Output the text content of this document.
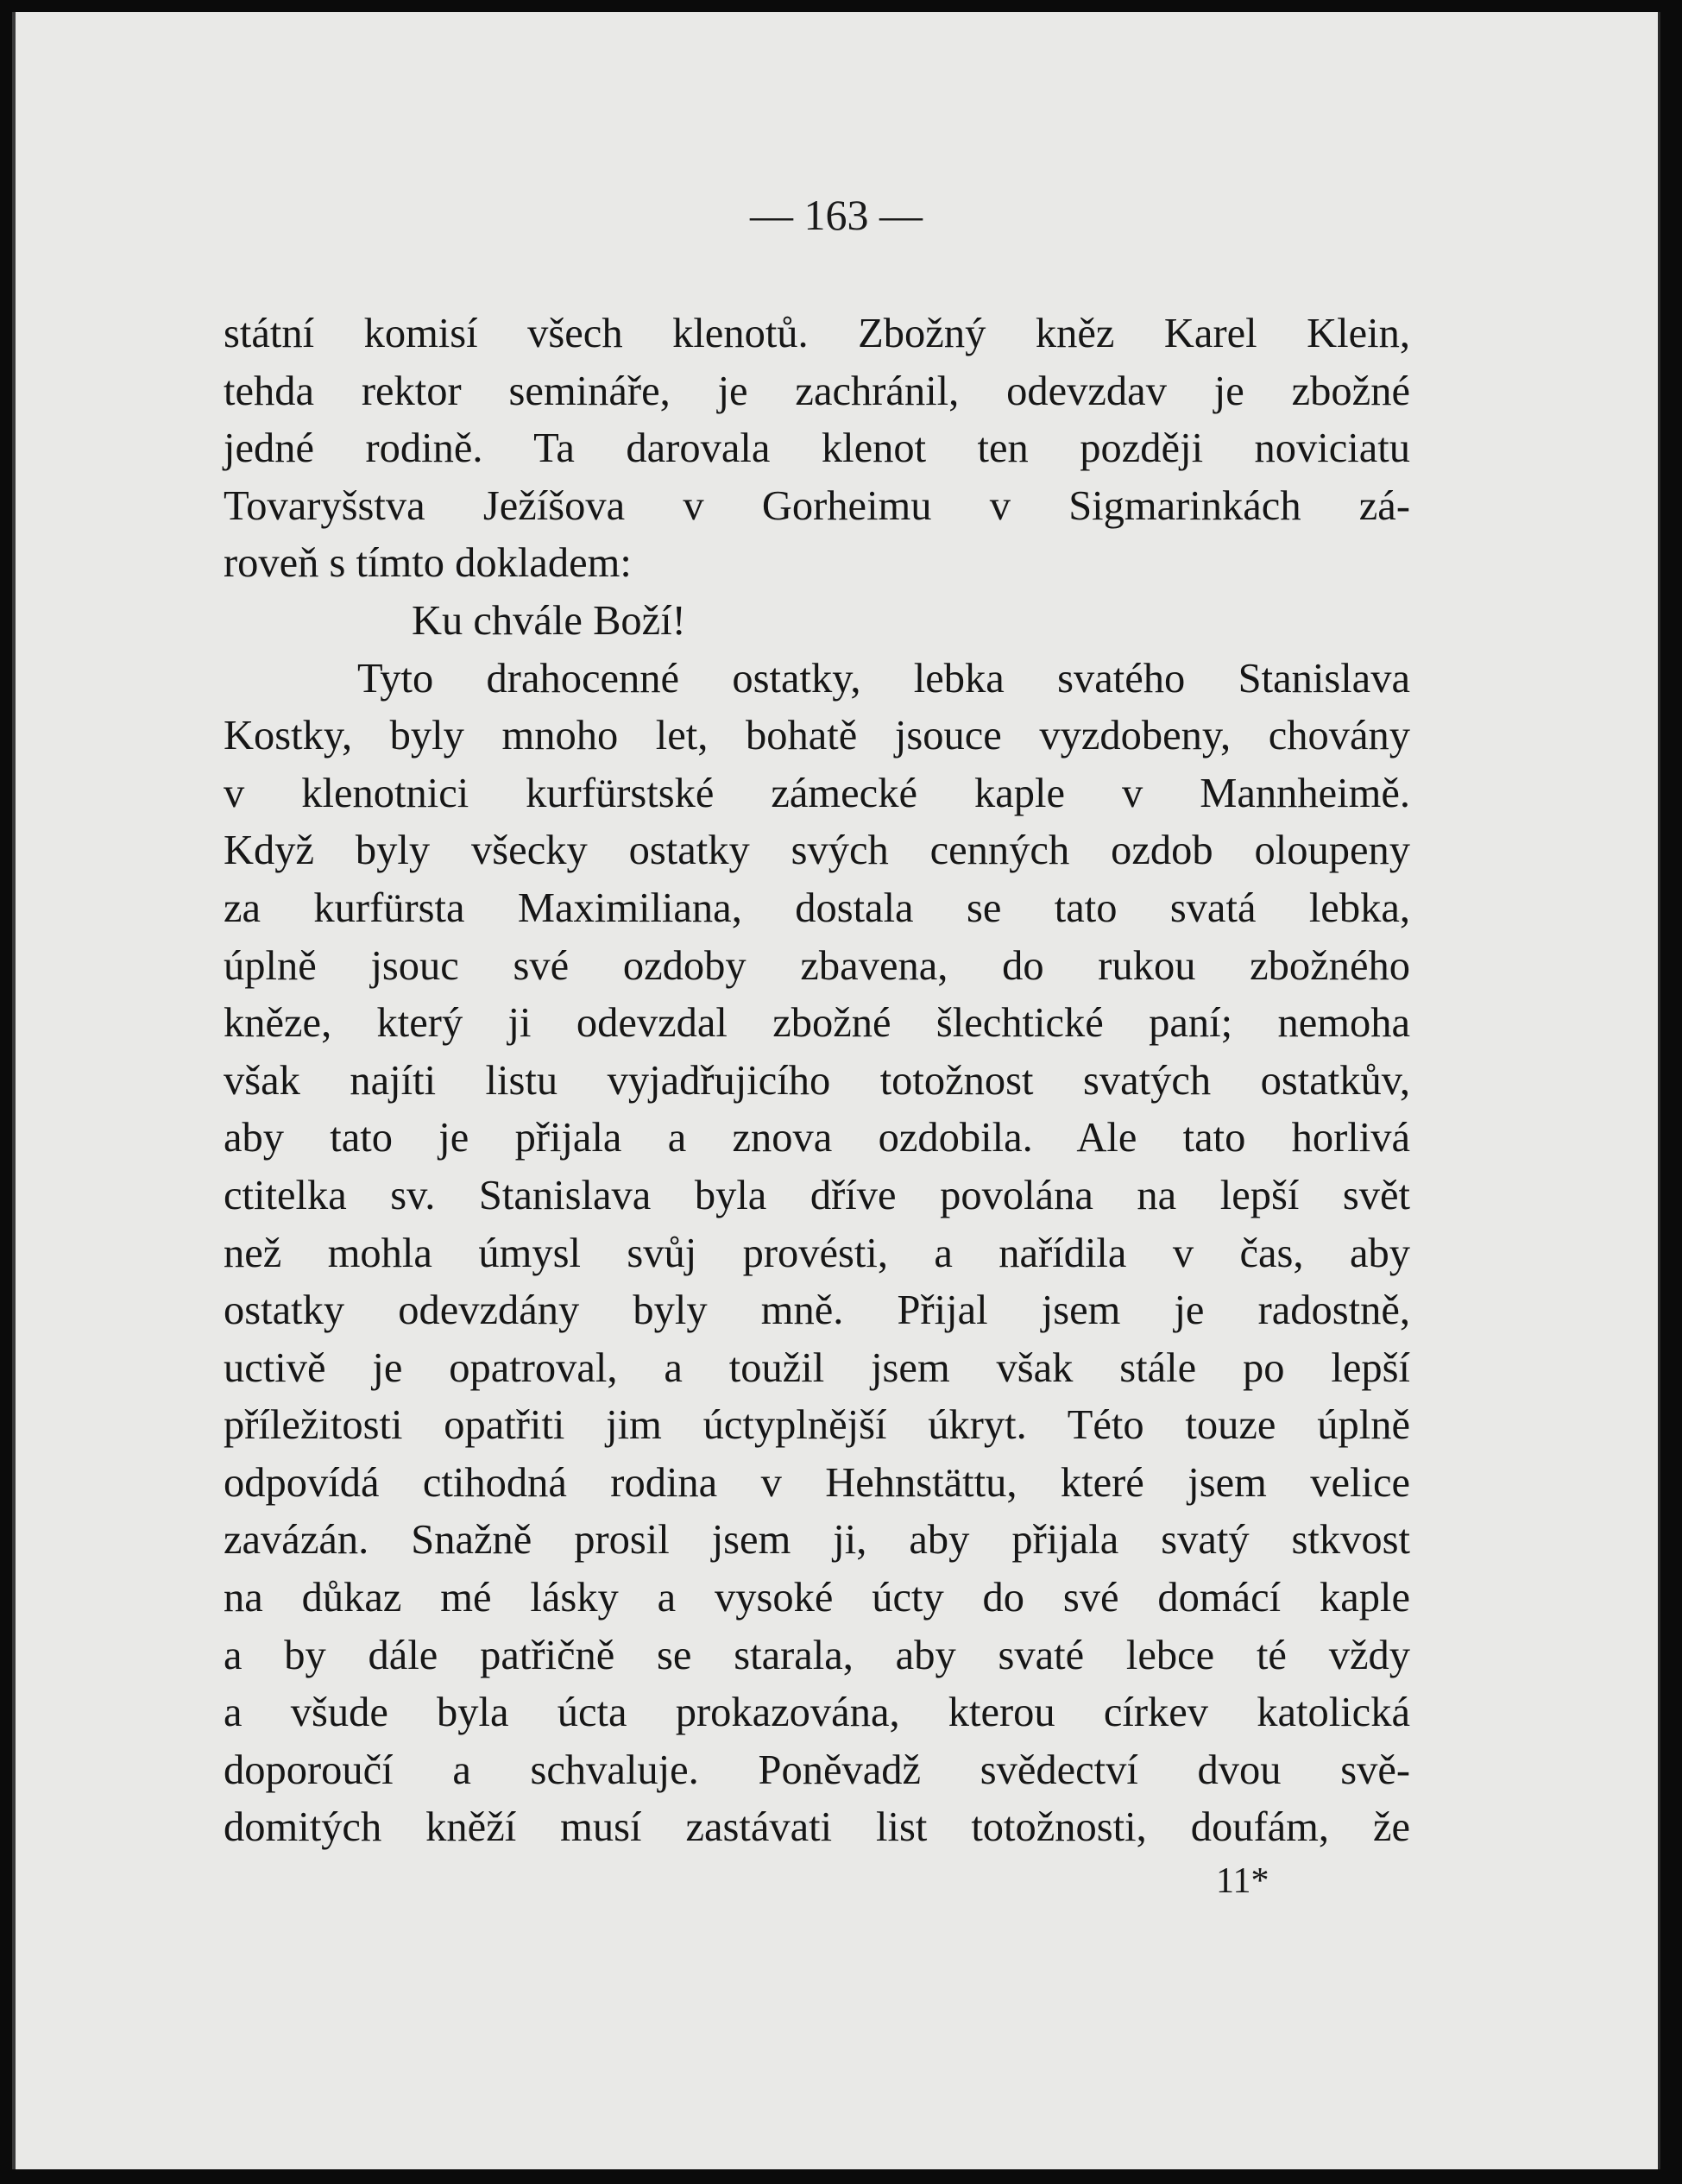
— 163 —

státní komisí všech klenotů. Zbožný kněz Karel Klein,
tehda rektor semináře, je zachránil, odevzdav je zbožné
jedné rodině. Ta darovala klenot ten později noviciatu
Tovaryšstva Ježíšova v Gorheimu v Sigmarinkách zá-
roveň s tímto dokladem:
Ku chvále Boží!
Tyto drahocenné ostatky, lebka svatého Stanislava
Kostky, byly mnoho let, bohatě jsouce vyzdobeny, chovány
v klenotnici kurfürstské zámecké kaple v Mannheimě.
Když byly všecky ostatky svých cenných ozdob oloupeny
za kurfürsta Maximiliana, dostala se tato svatá lebka,
úplně jsouc své ozdoby zbavena, do rukou zbožného
kněze, který ji odevzdal zbožné šlechtické paní; nemoha
však najíti listu vyjadřujicího totožnost svatých ostatkův,
aby tato je přijala a znova ozdobila. Ale tato horlivá
ctitelka sv. Stanislava byla dříve povolána na lepší svět
než mohla úmysl svůj provésti, a nařídila v čas, aby
ostatky odevzdány byly mně. Přijal jsem je radostně,
uctivě je opatroval, a toužil jsem však stále po lepší
příležitosti opatřiti jim úctyplnější úkryt. Této touze úplně
odpovídá ctihodná rodina v Hehnstättu, které jsem velice
zavázán. Snažně prosil jsem ji, aby přijala svatý stkvost
na důkaz mé lásky a vysoké úcty do své domácí kaple
a by dále patřičně se starala, aby svaté lebce té vždy
a všude byla úcta prokazována, kterou církev katolická
doporoučí a schvaluje. Poněvadž svědectví dvou svě-
domitých kněží musí zastávati list totožnosti, doufám, že
11*
